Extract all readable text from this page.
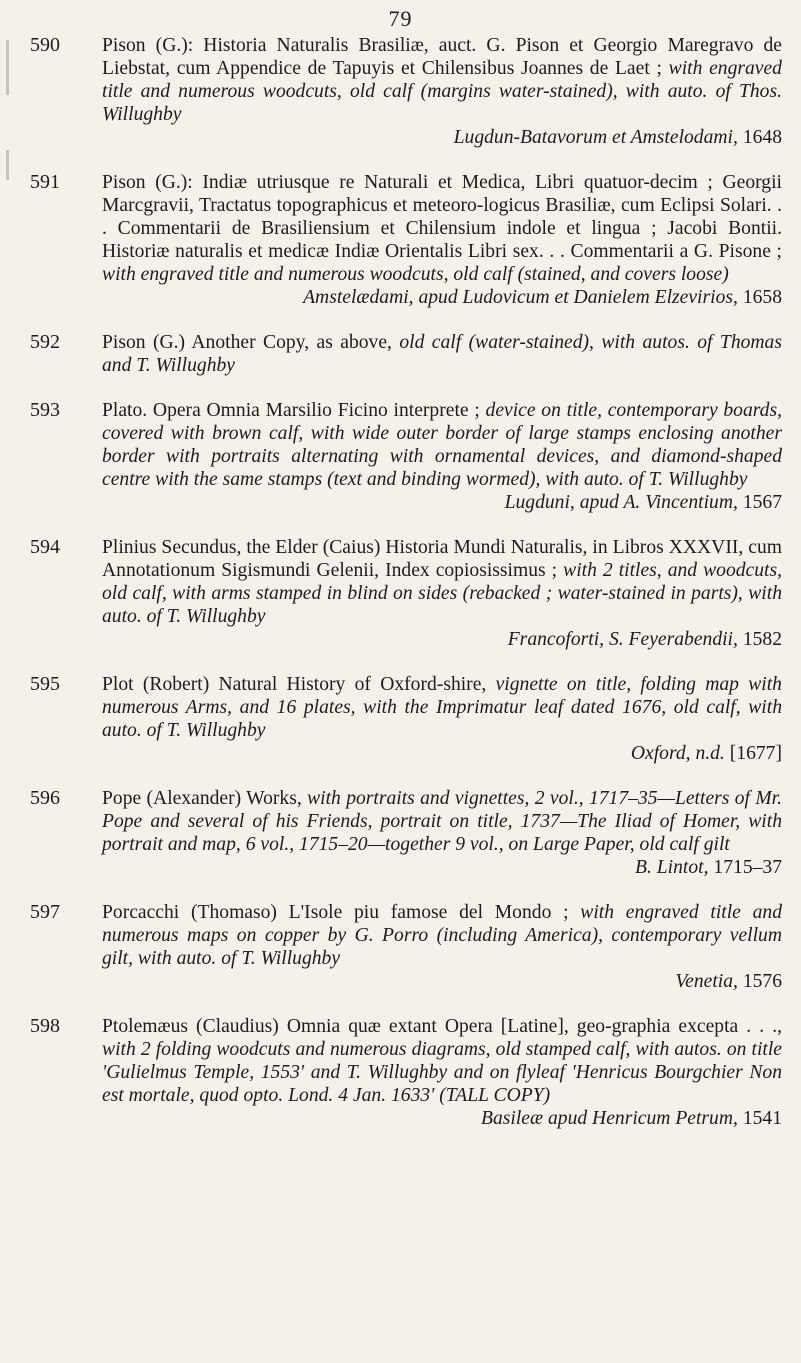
79
590	Pison (G.): Historia Naturalis Brasiliæ, auct. G. Pison et Georgio Maregravo de Liebstat, cum Appendice de Tapuyis et Chilensibus Joannes de Laet ; with engraved title and numerous woodcuts, old calf (margins water-stained), with auto. of Thos. Willughby
Lugdun-Batavorum et Amstelodami, 1648
591	Pison (G.): Indiæ utriusque re Naturali et Medica, Libri quatuor-decim ; Georgii Marcgravii, Tractatus topographicus et meteoro-logicus Brasiliæ, cum Eclipsi Solari. . . Commentarii de Brasiliensium et Chilensium indole et lingua ; Jacobi Bontii. Historiæ naturalis et medicæ Indiæ Orientalis Libri sex. . . Commentarii a G. Pisone ; with engraved title and numerous woodcuts, old calf (stained, and covers loose)
Amstelædami, apud Ludovicum et Danielem Elzevirios, 1658
592	Pison (G.) Another Copy, as above, old calf (water-stained), with autos. of Thomas and T. Willughby
593	Plato. Opera Omnia Marsilio Ficino interprete ; device on title, contemporary boards, covered with brown calf, with wide outer border of large stamps enclosing another border with portraits alternating with ornamental devices, and diamond-shaped centre with the same stamps (text and binding wormed), with auto. of T. Willughby
Lugduni, apud A. Vincentium, 1567
594	Plinius Secundus, the Elder (Caius) Historia Mundi Naturalis, in Libros XXXVII, cum Annotationum Sigismundi Gelenii, Index copiosissimus ; with 2 titles, and woodcuts, old calf, with arms stamped in blind on sides (rebacked ; water-stained in parts), with auto. of T. Willughby
Francoforti, S. Feyerabendii, 1582
595	Plot (Robert) Natural History of Oxford-shire, vignette on title, folding map with numerous Arms, and 16 plates, with the Imprimatur leaf dated 1676, old calf, with auto. of T. Willughby
Oxford, n.d. [1677]
596	Pope (Alexander) Works, with portraits and vignettes, 2 vol., 1717–35—Letters of Mr. Pope and several of his Friends, portrait on title, 1737—The Iliad of Homer, with portrait and map, 6 vol., 1715–20—together 9 vol., on Large Paper, old calf gilt
B. Lintot, 1715–37
597	Porcacchi (Thomaso) L'Isole piu famose del Mondo ; with engraved title and numerous maps on copper by G. Porro (including America), contemporary vellum gilt, with auto. of T. Willughby
Venetia, 1576
598	Ptolemæus (Claudius) Omnia quæ extant Opera [Latine], geo-graphia excepta . . ., with 2 folding woodcuts and numerous diagrams, old stamped calf, with autos. on title 'Gulielmus Temple, 1553' and T. Willughby and on flyleaf 'Henricus Bourgchier Non est mortale, quod opto. Lond. 4 Jan. 1633' (TALL COPY)
Basileæ apud Henricum Petrum, 1541
